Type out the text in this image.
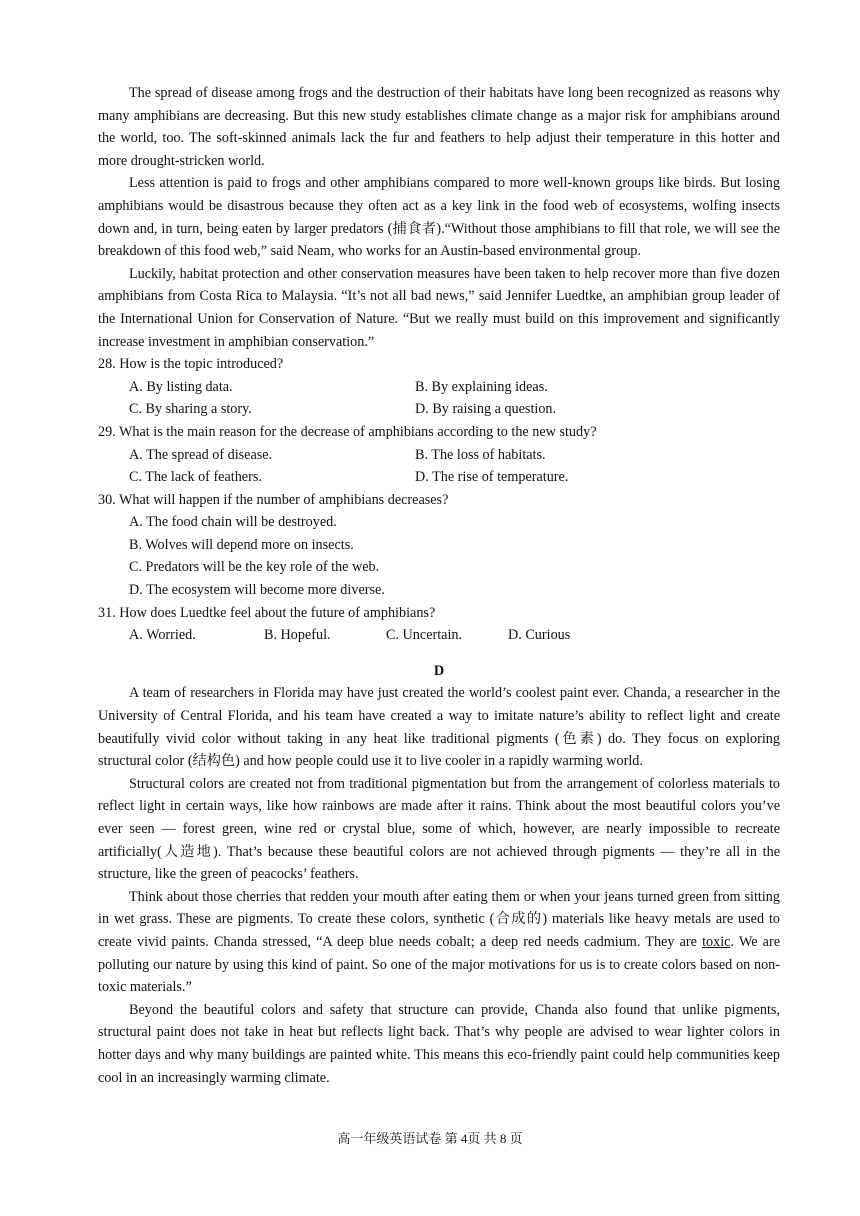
The spread of disease among frogs and the destruction of their habitats have long been recognized as reasons why many amphibians are decreasing. But this new study establishes climate change as a major risk for amphibians around the world, too. The soft-skinned animals lack the fur and feathers to help adjust their temperature in this hotter and more drought-stricken world.

Less attention is paid to frogs and other amphibians compared to more well-known groups like birds. But losing amphibians would be disastrous because they often act as a key link in the food web of ecosystems, wolfing insects down and, in turn, being eaten by larger predators (捕食者).“Without those amphibians to fill that role, we will see the breakdown of this food web,” said Neam, who works for an Austin-based environmental group.

Luckily, habitat protection and other conservation measures have been taken to help recover more than five dozen amphibians from Costa Rica to Malaysia. “It’s not all bad news,” said Jennifer Luedtke, an amphibian group leader of the International Union for Conservation of Nature. “But we really must build on this improvement and significantly increase investment in amphibian conservation.”

28. How is the topic introduced?

A. By listing data.	B. By explaining ideas.
C. By sharing a story.	D. By raising a question.

29. What is the main reason for the decrease of amphibians according to the new study?

A. The spread of disease.	B. The loss of habitats.
C. The lack of feathers.	D. The rise of temperature.

30. What will happen if the number of amphibians decreases?

A. The food chain will be destroyed.
B. Wolves will depend more on insects.
C. Predators will be the key role of the web.
D. The ecosystem will become more diverse.

31. How does Luedtke feel about the future of amphibians?

A. Worried.	B. Hopeful.	C. Uncertain.	D. Curious
D

A team of researchers in Florida may have just created the world’s coolest paint ever. Chanda, a researcher in the University of Central Florida, and his team have created a way to imitate nature’s ability to reflect light and create beautifully vivid color without taking in any heat like traditional pigments (色素) do. They focus on exploring structural color (结构色) and how people could use it to live cooler in a rapidly warming world.

Structural colors are created not from traditional pigmentation but from the arrangement of colorless materials to reflect light in certain ways, like how rainbows are made after it rains. Think about the most beautiful colors you’ve ever seen — forest green, wine red or crystal blue, some of which, however, are nearly impossible to recreate artificially(人造地). That’s because these beautiful colors are not achieved through pigments — they’re all in the structure, like the green of peacocks’ feathers.

Think about those cherries that redden your mouth after eating them or when your jeans turned green from sitting in wet grass. These are pigments. To create these colors, synthetic (合成的) materials like heavy metals are used to create vivid paints. Chanda stressed, “A deep blue needs cobalt; a deep red needs cadmium. They are toxic. We are polluting our nature by using this kind of paint. So one of the major motivations for us is to create colors based on non-toxic materials.”

Beyond the beautiful colors and safety that structure can provide, Chanda also found that unlike pigments, structural paint does not take in heat but reflects light back. That’s why people are advised to wear lighter colors in hotter days and why many buildings are painted white. This means this eco-friendly paint could help communities keep cool in an increasingly warming climate.

高一年级英语试卷 第 4页 共 8 页
